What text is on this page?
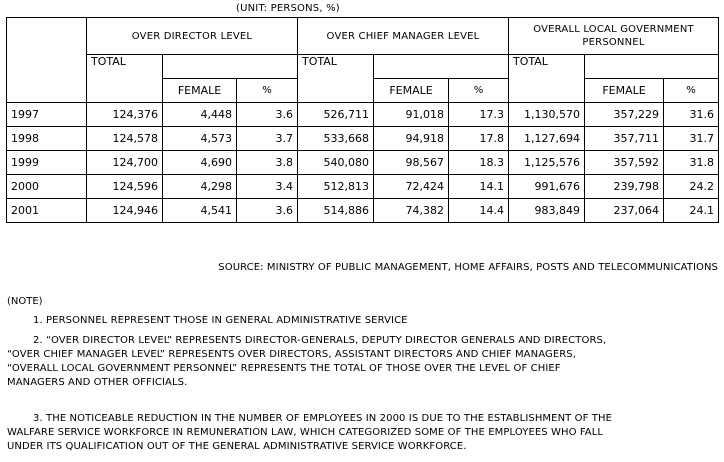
(UNIT: PERSONS, %)
	OVER DIRECTOR LEVEL			OVER CHIEF MANAGER LEVEL			OVERALL LOCAL GOVERNMENT
PERSONNEL		

	TOTAL			TOTAL			TOTAL		
		FEMALE	%		FEMALE	%		FEMALE	%
1997	124,376	4,448	3.6	526,711	91,018	17.3	1,130,570	357,229	31.6
1998	124,578	4,573	3.7	533,668	94,918	17.8	1,127,694	357,711	31.7
1999	124,700	4,690	3.8	540,080	98,567	18.3	1,125,576	357,592	31.8
2000	124,596	4,298	3.4	512,813	72,424	14.1	991,676	239,798	24.2
2001	124,946	4,541	3.6	514,886	74,382	14.4	983,849	237,064	24.1
SOURCE: MINISTRY OF PUBLIC MANAGEMENT, HOME AFFAIRS, POSTS AND TELECOMMUNICATIONS
(NOTE)
1. PERSONNEL REPRESENT THOSE IN GENERAL ADMINISTRATIVE SERVICE
2. “OVER DIRECTOR LEVEL” REPRESENTS DIRECTOR-GENERALS, DEPUTY DIRECTOR GENERALS AND DIRECTORS,
“OVER CHIEF MANAGER LEVEL” REPRESENTS OVER DIRECTORS, ASSISTANT DIRECTORS AND CHIEF MANAGERS,
“OVERALL LOCAL GOVERNMENT PERSONNEL” REPRESENTS THE TOTAL OF THOSE OVER THE LEVEL OF CHIEF
MANAGERS AND OTHER OFFICIALS.
3. THE NOTICEABLE REDUCTION IN THE NUMBER OF EMPLOYEES IN 2000 IS DUE TO THE ESTABLISHMENT OF THE
WALFARE SERVICE WORKFORCE IN REMUNERATION LAW, WHICH CATEGORIZED SOME OF THE EMPLOYEES WHO FALL
UNDER ITS QUALIFICATION OUT OF THE GENERAL ADMINISTRATIVE SERVICE WORKFORCE.
